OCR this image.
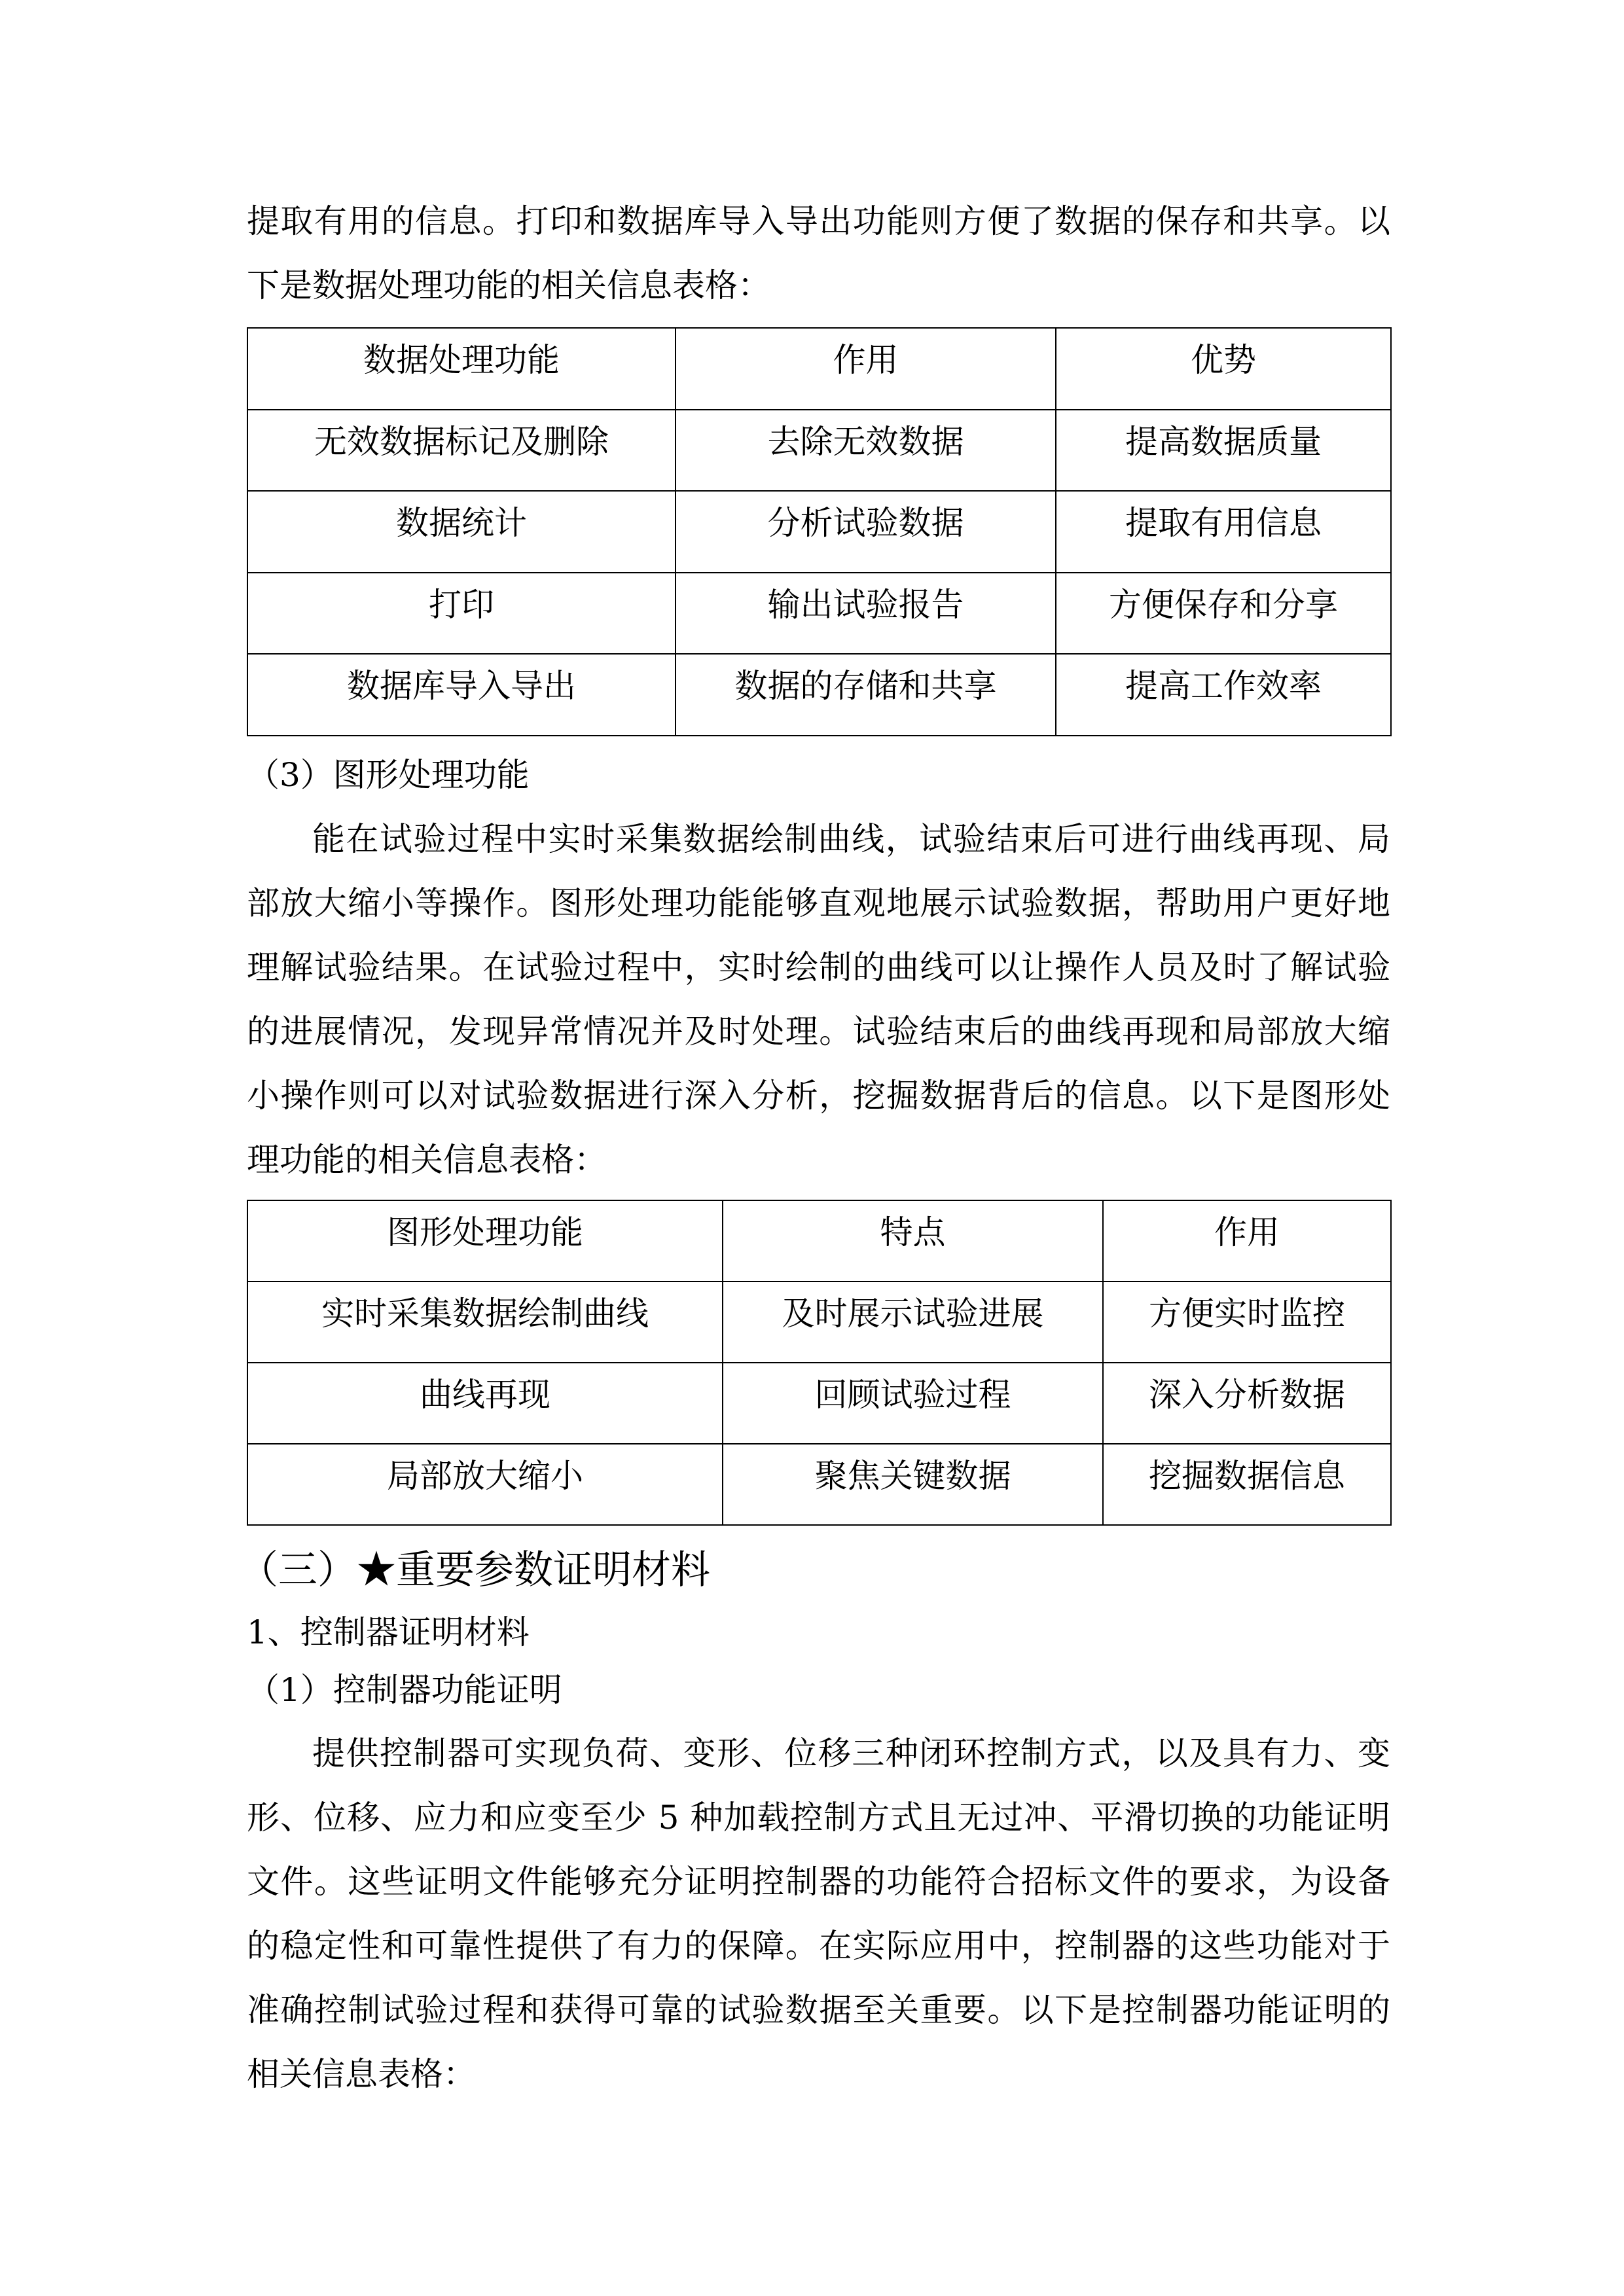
提取有用的信息。打印和数据库导入导出功能则方便了数据的保存和共享。以下是数据处理功能的相关信息表格：

数据处理功能	作用	优势
无效数据标记及删除	去除无效数据	提高数据质量
数据统计	分析试验数据	提取有用信息
打印	输出试验报告	方便保存和分享
数据库导入导出	数据的存储和共享	提高工作效率
（3）图形处理功能

能在试验过程中实时采集数据绘制曲线，试验结束后可进行曲线再现、局部放大缩小等操作。图形处理功能能够直观地展示试验数据，帮助用户更好地理解试验结果。在试验过程中，实时绘制的曲线可以让操作人员及时了解试验的进展情况，发现异常情况并及时处理。试验结束后的曲线再现和局部放大缩小操作则可以对试验数据进行深入分析，挖掘数据背后的信息。以下是图形处理功能的相关信息表格：

图形处理功能	特点	作用
实时采集数据绘制曲线	及时展示试验进展	方便实时监控
曲线再现	回顾试验过程	深入分析数据
局部放大缩小	聚焦关键数据	挖掘数据信息
（三）★重要参数证明材料
1、控制器证明材料
（1）控制器功能证明

提供控制器可实现负荷、变形、位移三种闭环控制方式，以及具有力、变形、位移、应力和应变至少 5 种加载控制方式且无过冲、平滑切换的功能证明文件。这些证明文件能够充分证明控制器的功能符合招标文件的要求，为设备的稳定性和可靠性提供了有力的保障。在实际应用中，控制器的这些功能对于准确控制试验过程和获得可靠的试验数据至关重要。以下是控制器功能证明的相关信息表格：
